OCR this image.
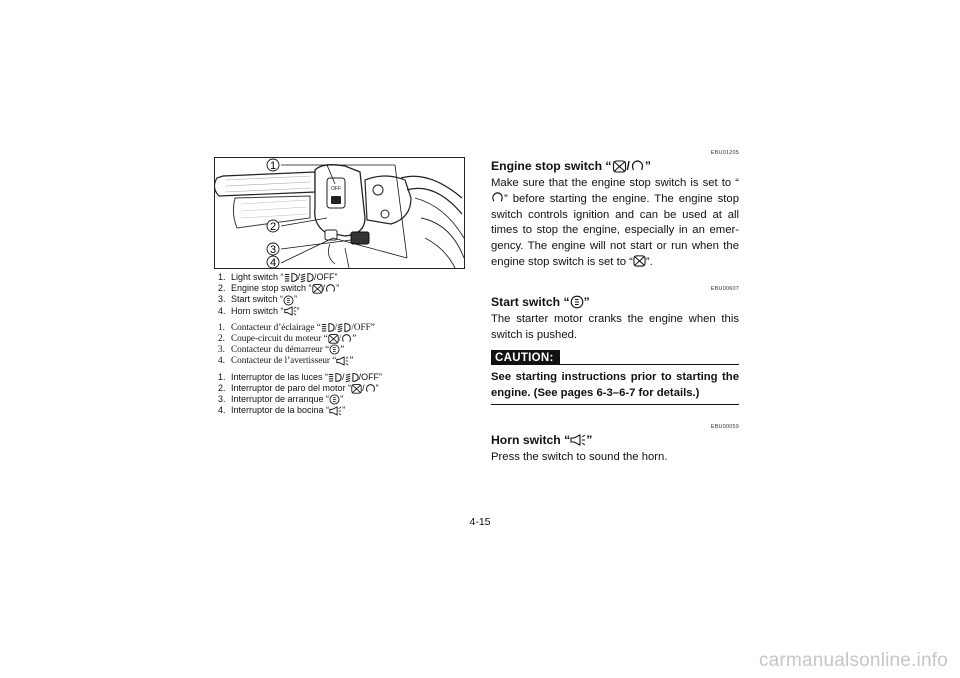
OFF
1
2
3
4
1. Light switch “ / /OFF”
2. Engine stop switch “ / ”
3. Start switch “ ”
4. Horn switch “ ”
1. Contacteur d’éclairage “ / /OFF”
2. Coupe-circuit du moteur “ / ”
3. Contacteur du démarreur “ ”
4. Contacteur de l’avertisseur “ ”
1. Interruptor de las luces “ / /OFF”
2. Interruptor de paro del motor “ / ”
3. Interruptor de arranque “ ”
4. Interruptor de la bocina “ ”
EBU01205
Engine stop switch “ / ”
Make sure that the engine stop switch is set to “” before starting the engine. The engine stop switch controls ignition and can be used at all times to stop the engine, especially in an emer-gency. The engine will not start or run when the engine stop switch is set to “ ”.
EBU00607
Start switch “ ”
The starter motor cranks the engine when this switch is pushed.
CAUTION:
See starting instructions prior to starting the engine. (See pages 6-3–6-7 for details.)
EBU00059
Horn switch “ ”
Press the switch to sound the horn.
4-15
carmanualsonline.info
